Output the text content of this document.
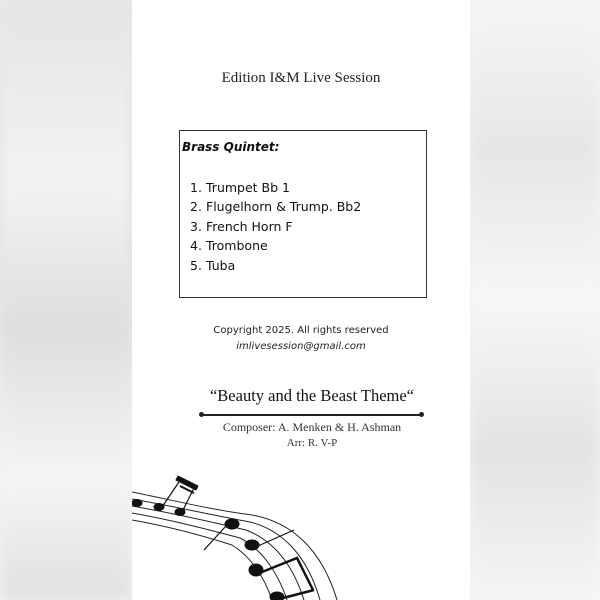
Edition I&M Live Session
Brass Quintet:
1. Trumpet Bb 1
2. Flugelhorn & Trump. Bb2
3. French Horn F
4. Trombone
5. Tuba
Copyright 2025. All rights reserved
imlivesession@gmail.com
“Beauty and the Beast Theme“
Composer: A. Menken & H. Ashman
Arr: R. V-P
